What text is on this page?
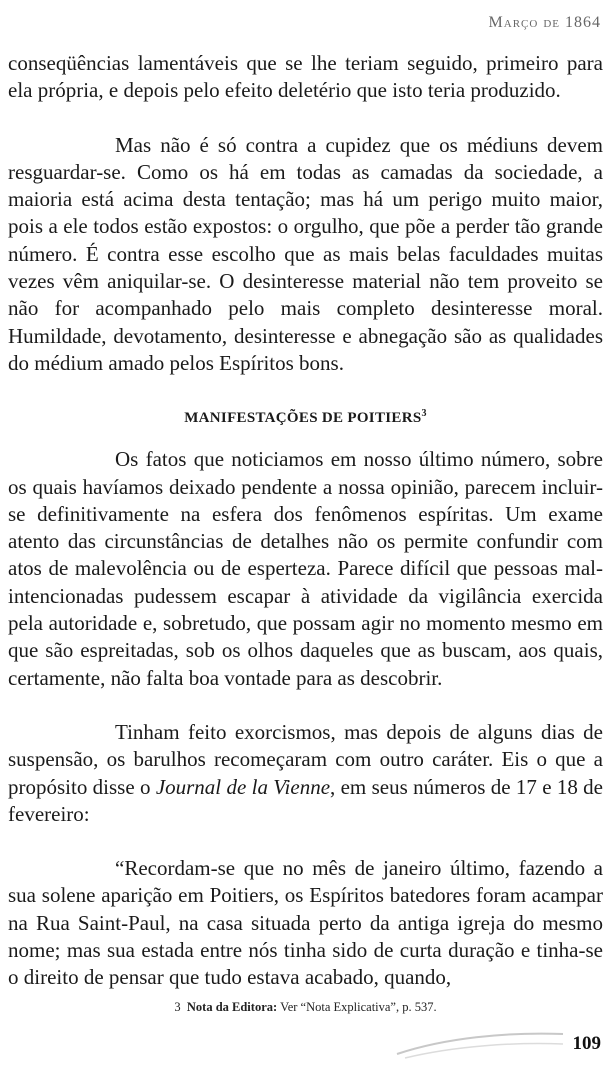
Março de 1864

conseqüências lamentáveis que se lhe teriam seguido, primeiro para ela própria, e depois pelo efeito deletério que isto teria produzido.

Mas não é só contra a cupidez que os médiuns devem resguardar-se. Como os há em todas as camadas da sociedade, a maioria está acima desta tentação; mas há um perigo muito maior, pois a ele todos estão expostos: o orgulho, que põe a perder tão grande número. É contra esse escolho que as mais belas faculdades muitas vezes vêm aniquilar-se. O desinteresse material não tem proveito se não for acompanhado pelo mais completo desinteresse moral. Humildade, devotamento, desinteresse e abnegação são as qualidades do médium amado pelos Espíritos bons.

MANIFESTAÇÕES DE POITIERS$^3$

Os fatos que noticiamos em nosso último número, sobre os quais havíamos deixado pendente a nossa opinião, parecem incluir-se definitivamente na esfera dos fenômenos espíritas. Um exame atento das circunstâncias de detalhes não os permite confundir com atos de malevolência ou de esperteza. Parece difícil que pessoas mal-intencionadas pudessem escapar à atividade da vigilância exercida pela autoridade e, sobretudo, que possam agir no momento mesmo em que são espreitadas, sob os olhos daqueles que as buscam, aos quais, certamente, não falta boa vontade para as descobrir.

Tinham feito exorcismos, mas depois de alguns dias de suspensão, os barulhos recomeçaram com outro caráter. Eis o que a propósito disse o Journal de la Vienne, em seus números de 17 e 18 de fevereiro:

“Recordam-se que no mês de janeiro último, fazendo a sua solene aparição em Poitiers, os Espíritos batedores foram acampar na Rua Saint-Paul, na casa situada perto da antiga igreja do mesmo nome; mas sua estada entre nós tinha sido de curta duração e tinha-se o direito de pensar que tudo estava acabado, quando,

3 Nota da Editora: Ver “Nota Explicativa”, p. 537.
109
